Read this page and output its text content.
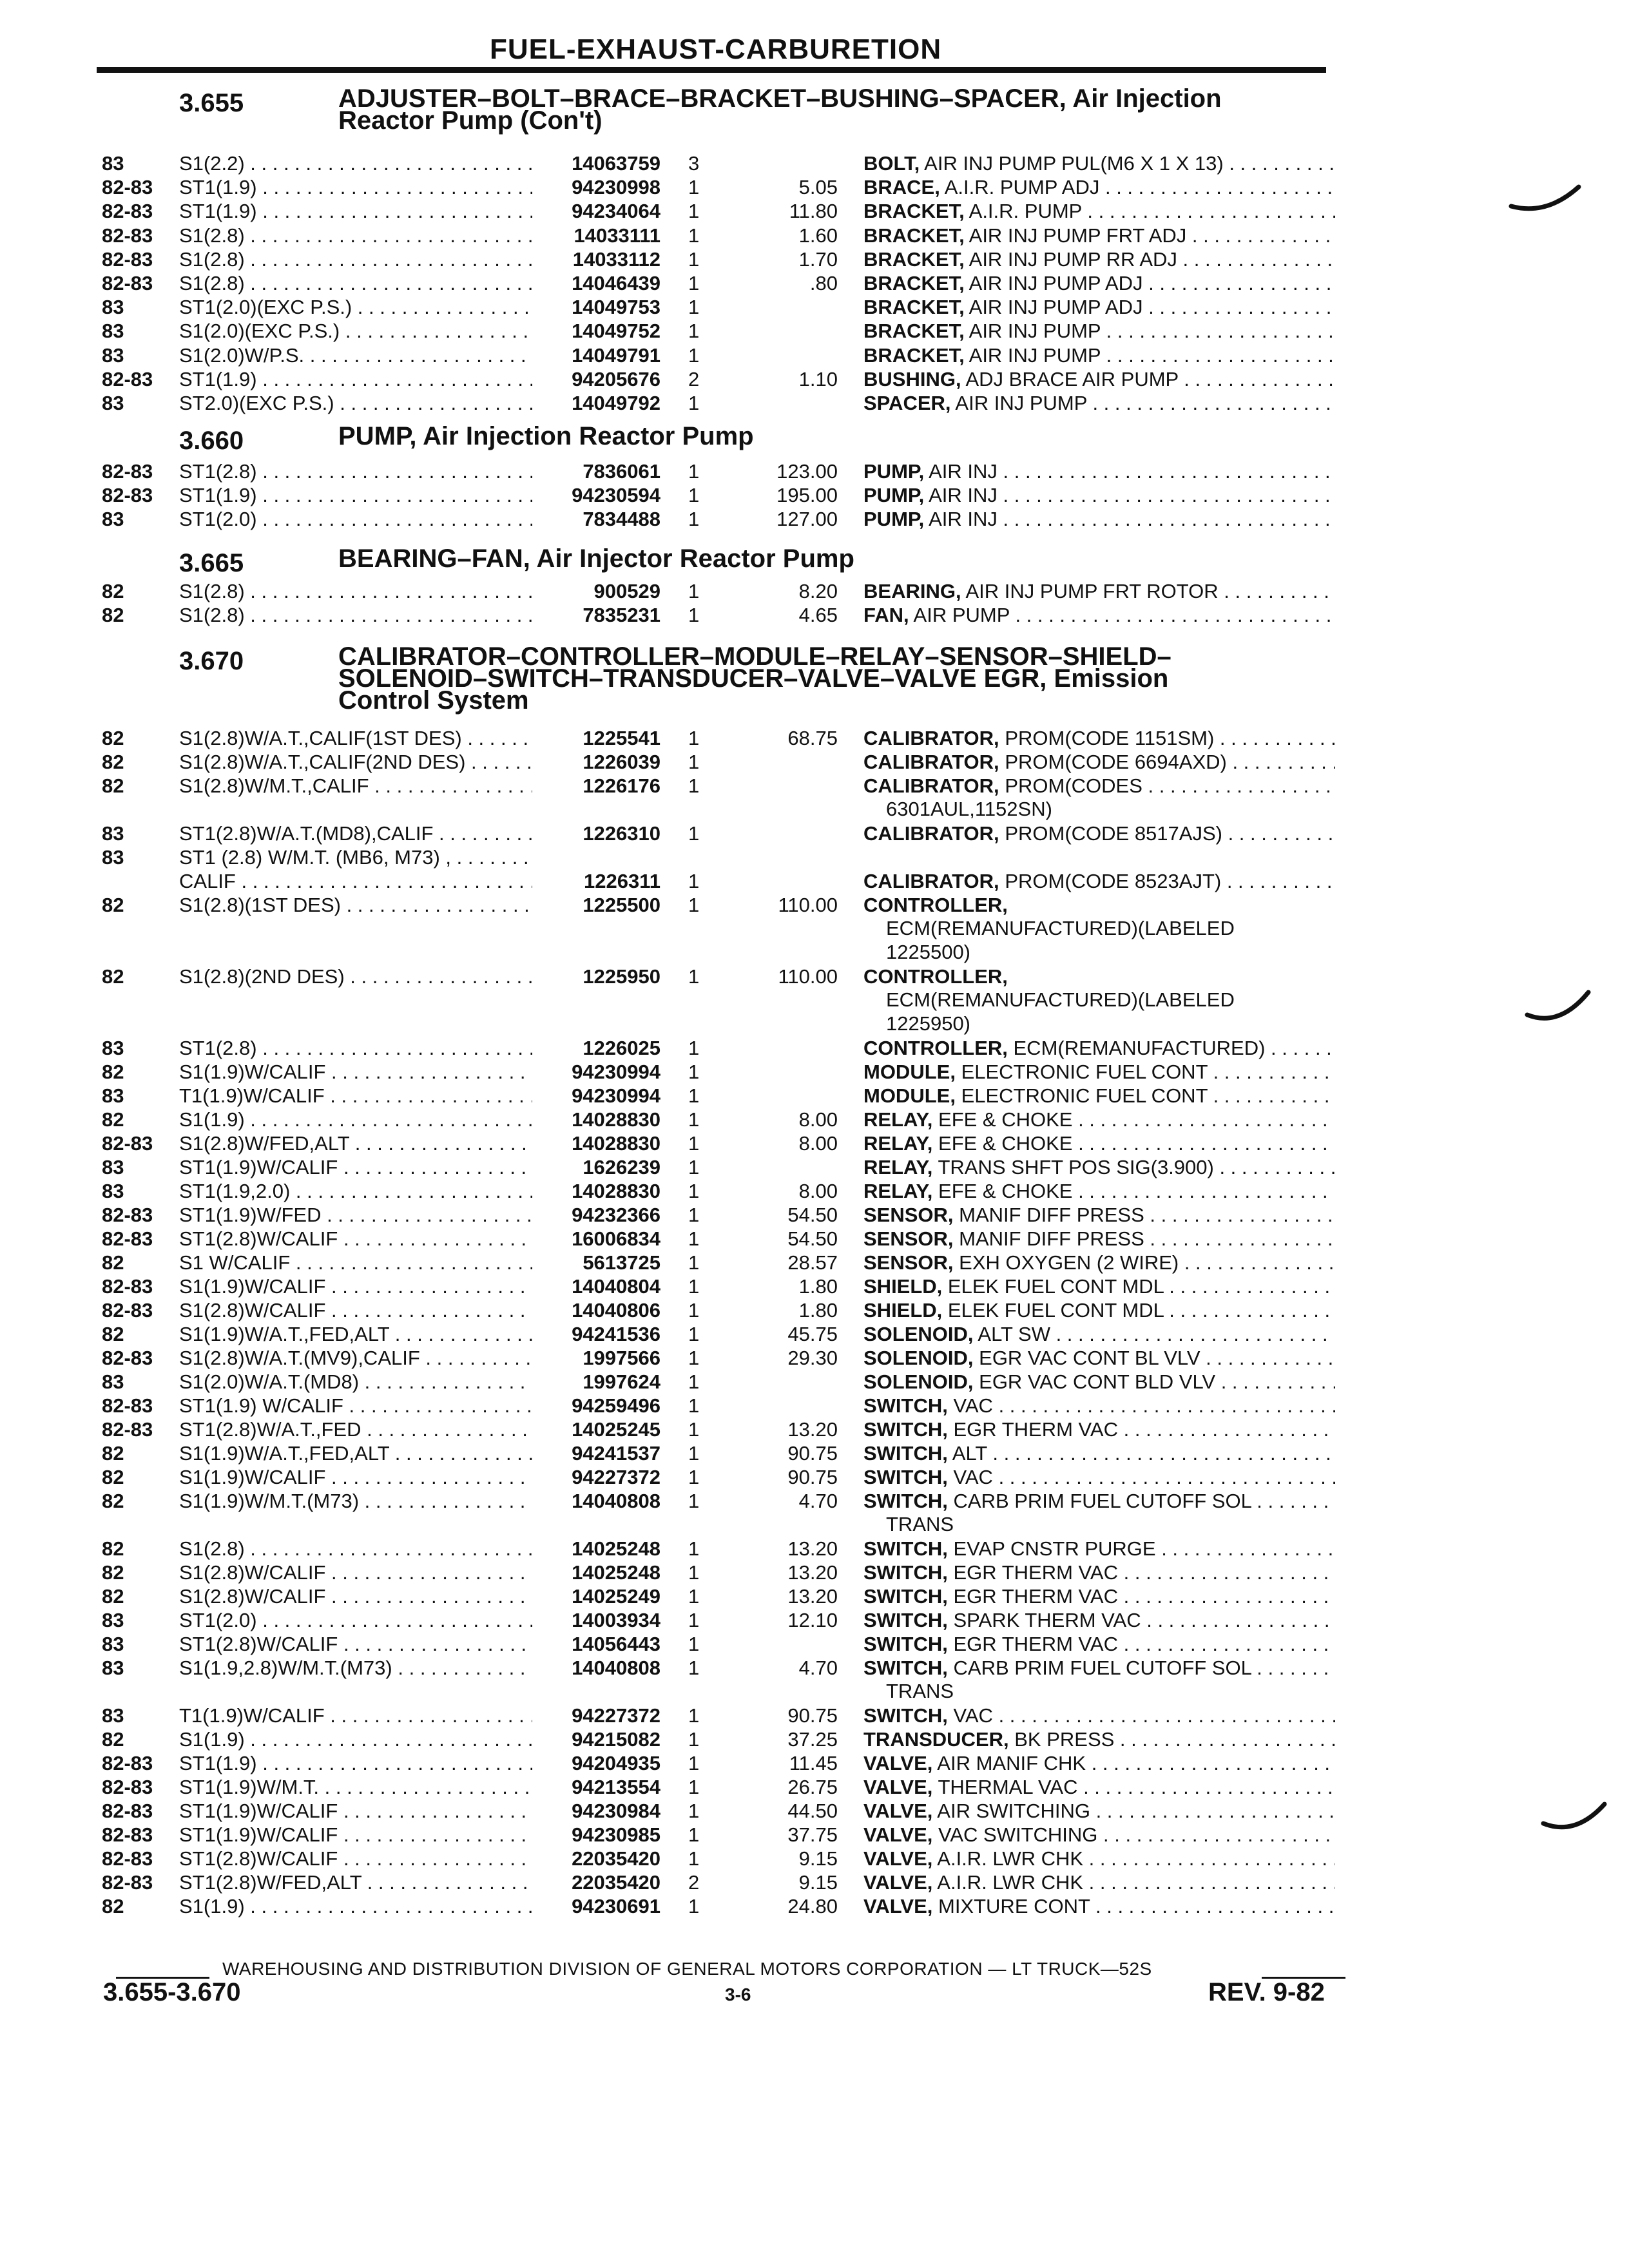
FUEL-EXHAUST-CARBURETION
3.655	ADJUSTER–BOLT–BRACE–BRACKET–BUSHING–SPACER, Air Injection
Reactor Pump (Con't)
83	S1(2.2) . . .	14063759 3	BOLT, AIR INJ PUMP PUL(M6 X 1 X 13) . . .
82-83 ST1(1.9) . . .	94230998 1	5.05 BRACE, A.I.R. PUMP ADJ . . .
82-83 ST1(1.9) . . .	94234064 1	11.80 BRACKET, A.I.R. PUMP . . .
82-83 S1(2.8) . . .	14033111 1	1.60 BRACKET, AIR INJ PUMP FRT ADJ . . .
82-83 S1(2.8) . . .	14033112 1	1.70 BRACKET, AIR INJ PUMP RR ADJ . . .
82-83 S1(2.8) . . .	14046439 1	.80 BRACKET, AIR INJ PUMP ADJ . . .
83	ST1(2.0)(EXC P.S.) . . .	14049753 1	BRACKET, AIR INJ PUMP ADJ . . .
83	S1(2.0)(EXC P.S.) . . .	14049752 1	BRACKET, AIR INJ PUMP . . .
83	S1(2.0)W/P.S. . . .	14049791 1	BRACKET, AIR INJ PUMP . . .
82-83 ST1(1.9) . . .	94205676 2	1.10 BUSHING, ADJ BRACE AIR PUMP . . .
83	ST2.0)(EXC P.S.) . . .	14049792 1	SPACER, AIR INJ PUMP . . .
3.660	PUMP, Air Injection Reactor Pump
82-83 ST1(2.8) . . .	7836061 1	123.00 PUMP, AIR INJ . . .
82-83 ST1(1.9) . . .	94230594 1	195.00 PUMP, AIR INJ . . .
83	ST1(2.0) . . .	7834488 1	127.00 PUMP, AIR INJ . . .
3.665	BEARING–FAN, Air Injector Reactor Pump
82	S1(2.8) . . .	900529 1	8.20 BEARING, AIR INJ PUMP FRT ROTOR . . .
82	S1(2.8) . . .	7835231 1	4.65 FAN, AIR PUMP . . .
3.670	CALIBRATOR–CONTROLLER–MODULE–RELAY–SENSOR–SHIELD–
SOLENOID–SWITCH–TRANSDUCER–VALVE–VALVE EGR, Emission
Control System
82	S1(2.8)W/A.T.,CALIF(1ST DES) . . .	1225541 1	68.75 CALIBRATOR, PROM(CODE 1151SM) . . .
82	S1(2.8)W/A.T.,CALIF(2ND DES) . . .	1226039 1	CALIBRATOR, PROM(CODE 6694AXD) . . .
82	S1(2.8)W/M.T.,CALIF . . .	1226176 1	CALIBRATOR, PROM(CODES . . .
6301AUL,1152SN)
83	ST1(2.8)W/A.T.(MD8),CALIF . . .	1226310 1	CALIBRATOR, PROM(CODE 8517AJS) . . .
83	ST1 (2.8) W/M.T. (MB6, M73) , . . .
CALIF . . .	1226311 1	CALIBRATOR, PROM(CODE 8523AJT) . . .
82	S1(2.8)(1ST DES) . . .	1225500 1	110.00 CONTROLLER,
ECM(REMANUFACTURED)(LABELED
1225500)
82	S1(2.8)(2ND DES) . . .	1225950 1	110.00 CONTROLLER,
ECM(REMANUFACTURED)(LABELED
1225950)
83	ST1(2.8) . . .	1226025 1	CONTROLLER, ECM(REMANUFACTURED) . . .
82	S1(1.9)W/CALIF . . .	94230994 1	MODULE, ELECTRONIC FUEL CONT . . .
83	T1(1.9)W/CALIF . . .	94230994 1	MODULE, ELECTRONIC FUEL CONT . . .
82	S1(1.9) . . .	14028830 1	8.00 RELAY, EFE & CHOKE . . .
82-83 S1(2.8)W/FED,ALT . . .	14028830 1	8.00 RELAY, EFE & CHOKE . . .
83	ST1(1.9)W/CALIF . . .	1626239 1	RELAY, TRANS SHFT POS SIG(3.900) . . .
83	ST1(1.9,2.0) . . .	14028830 1	8.00 RELAY, EFE & CHOKE . . .
82-83 ST1(1.9)W/FED . . .	94232366 1	54.50 SENSOR, MANIF DIFF PRESS . . .
82-83 ST1(2.8)W/CALIF . . .	16006834 1	54.50 SENSOR, MANIF DIFF PRESS . . .
82	S1 W/CALIF . . .	5613725 1	28.57 SENSOR, EXH OXYGEN (2 WIRE) . . .
82-83 S1(1.9)W/CALIF . . .	14040804 1	1.80 SHIELD, ELEK FUEL CONT MDL . . .
82-83 S1(2.8)W/CALIF . . .	14040806 1	1.80 SHIELD, ELEK FUEL CONT MDL . . .
82	S1(1.9)W/A.T.,FED,ALT . . .	94241536 1	45.75 SOLENOID, ALT SW . . .
82-83 S1(2.8)W/A.T.(MV9),CALIF . . .	1997566 1	29.30 SOLENOID, EGR VAC CONT BL VLV . . .
83	S1(2.0)W/A.T.(MD8) . . .	1997624 1	SOLENOID, EGR VAC CONT BLD VLV . . .
82-83 ST1(1.9) W/CALIF . . .	94259496 1	SWITCH, VAC . . .
82-83 ST1(2.8)W/A.T.,FED . . .	14025245 1	13.20 SWITCH, EGR THERM VAC . . .
82	S1(1.9)W/A.T.,FED,ALT . . .	94241537 1	90.75 SWITCH, ALT . . .
82	S1(1.9)W/CALIF . . .	94227372 1	90.75 SWITCH, VAC . . .
82	S1(1.9)W/M.T.(M73) . . .	14040808 1	4.70 SWITCH, CARB PRIM FUEL CUTOFF SOL . . .
TRANS
82	S1(2.8) . . .	14025248 1	13.20 SWITCH, EVAP CNSTR PURGE . . .
82	S1(2.8)W/CALIF . . .	14025248 1	13.20 SWITCH, EGR THERM VAC . . .
82	S1(2.8)W/CALIF . . .	14025249 1	13.20 SWITCH, EGR THERM VAC . . .
83	ST1(2.0) . . .	14003934 1	12.10 SWITCH, SPARK THERM VAC . . .
83	ST1(2.8)W/CALIF . . .	14056443 1	SWITCH, EGR THERM VAC . . .
83	S1(1.9,2.8)W/M.T.(M73) . . .	14040808 1	4.70 SWITCH, CARB PRIM FUEL CUTOFF SOL . . .
TRANS
83	T1(1.9)W/CALIF . . .	94227372 1	90.75 SWITCH, VAC . . .
82	S1(1.9) . . .	94215082 1	37.25 TRANSDUCER, BK PRESS . . .
82-83 ST1(1.9) . . .	94204935 1	11.45 VALVE, AIR MANIF CHK . . .
82-83 ST1(1.9)W/M.T. . . .	94213554 1	26.75 VALVE, THERMAL VAC . . .
82-83 ST1(1.9)W/CALIF . . .	94230984 1	44.50 VALVE, AIR SWITCHING . . .
82-83 ST1(1.9)W/CALIF . . .	94230985 1	37.75 VALVE, VAC SWITCHING . . .
82-83 ST1(2.8)W/CALIF . . .	22035420 1	9.15 VALVE, A.I.R. LWR CHK . . .
82-83 ST1(2.8)W/FED,ALT . . .	22035420 2	9.15 VALVE, A.I.R. LWR CHK . . .
82	S1(1.9) . . .	94230691 1	24.80 VALVE, MIXTURE CONT . . .
WAREHOUSING AND DISTRIBUTION DIVISION OF GENERAL MOTORS CORPORATION — LT TRUCK—52S
3.655-3.670	3-6	REV. 9-82
